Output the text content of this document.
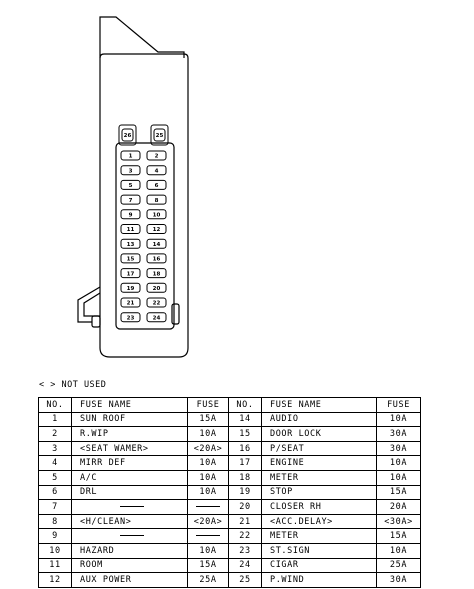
26	25
1
3
5
7
9
11
13
15
17
19
21
23
2
4
6
8
10
12
14
16
18
20
22
24
< > NOT USED
NO.	FUSE NAME	FUSE	NO.	FUSE NAME	FUSE
1	SUN ROOF	15A	14	AUDIO	10A
2	R.WIP	10A	15	DOOR LOCK	30A
3	<SEAT WAMER>	<20A>	16	P/SEAT	30A
4	MIRR DEF	10A	17	ENGINE	10A
5	A/C	10A	18	METER	10A
6	DRL	10A	19	STOP	15A
7			20	CLOSER RH	20A
8	<H/CLEAN>	<20A>	21	<ACC.DELAY>	<30A>
9			22	METER	15A
10	HAZARD	10A	23	ST.SIGN	10A
11	ROOM	15A	24	CIGAR	25A
12	AUX POWER	25A	25	P.WIND	30A
